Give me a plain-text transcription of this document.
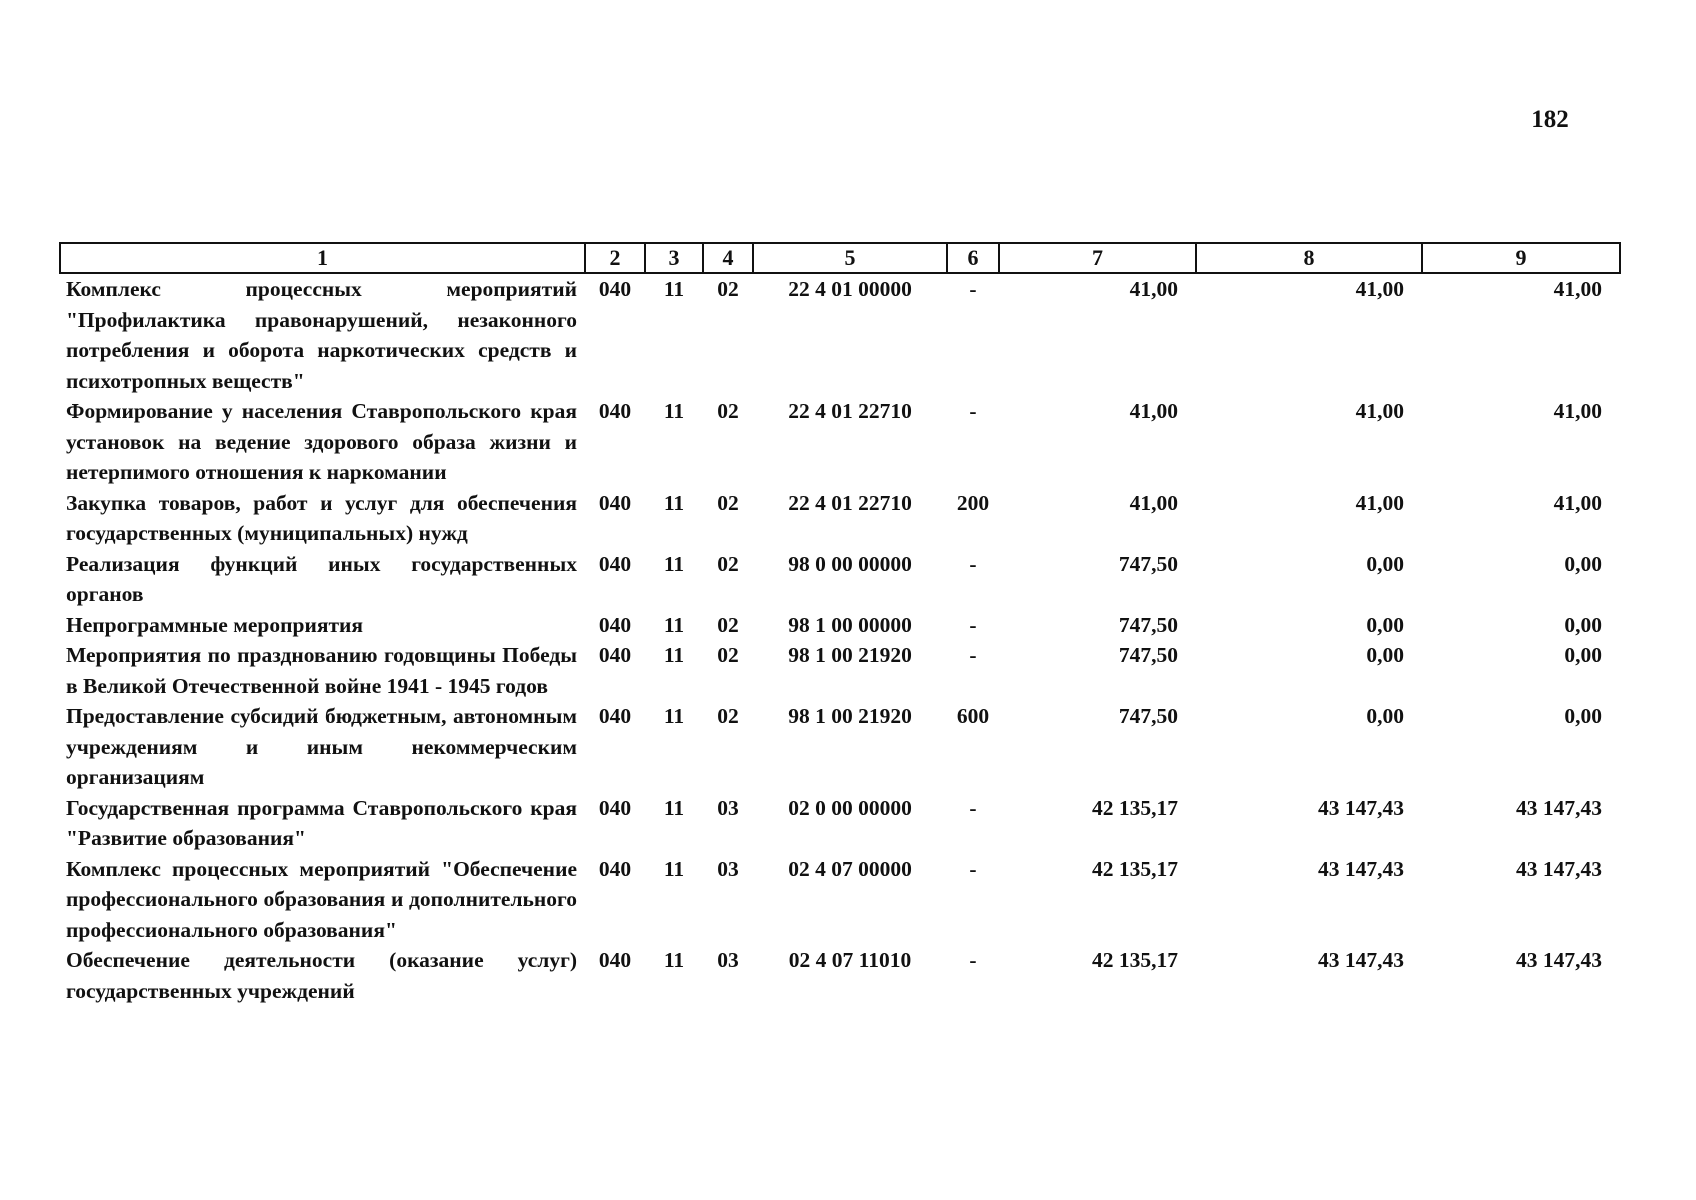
182
1	2	3	4	5	6	7	8	9
Комплекс процессных мероприятий "Профилактика правонарушений, незаконного потребления и оборота наркотических средств и психотропных веществ"	040	11	02	22 4 01 00000	-	41,00	41,00	41,00
Формирование у населения Ставропольского края установок на ведение здорового образа жизни и нетерпимого отношения к наркомании	040	11	02	22 4 01 22710	-	41,00	41,00	41,00
Закупка товаров, работ и услуг для обеспечения государственных (муниципальных) нужд	040	11	02	22 4 01 22710	200	41,00	41,00	41,00
Реализация функций иных государственных органов	040	11	02	98 0 00 00000	-	747,50	0,00	0,00
Непрограммные мероприятия	040	11	02	98 1 00 00000	-	747,50	0,00	0,00
Мероприятия по празднованию годовщины Победы в Великой Отечественной войне 1941 - 1945 годов	040	11	02	98 1 00 21920	-	747,50	0,00	0,00
Предоставление субсидий бюджетным, автономным учреждениям и иным некоммерческим организациям	040	11	02	98 1 00 21920	600	747,50	0,00	0,00
Государственная программа Ставропольского края "Развитие образования"	040	11	03	02 0 00 00000	-	42 135,17	43 147,43	43 147,43
Комплекс процессных мероприятий "Обеспечение профессионального образования и дополнительного профессионального образования"	040	11	03	02 4 07 00000	-	42 135,17	43 147,43	43 147,43
Обеспечение деятельности (оказание услуг) государственных учреждений	040	11	03	02 4 07 11010	-	42 135,17	43 147,43	43 147,43
